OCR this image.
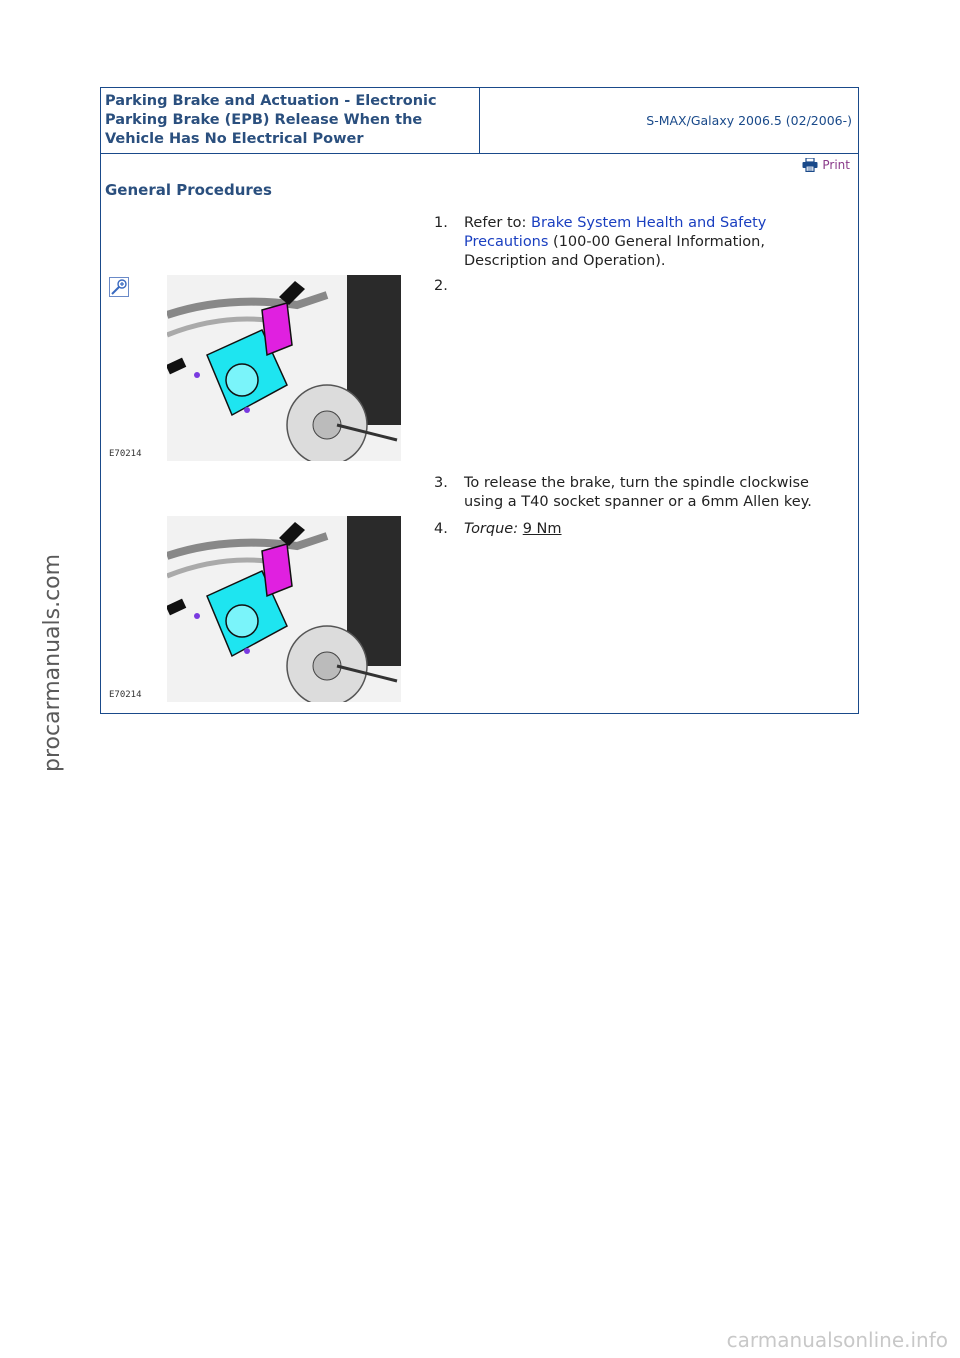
Parking Brake and Actuation - Electronic Parking Brake (EPB) Release When the Vehicle Has No Electrical Power

S-MAX/Galaxy 2006.5 (02/2006-)
Print
General Procedures
1. Refer to: Brake System Health and Safety Precautions (100-00 General Information, Description and Operation).
E70214
2.
3. To release the brake, turn the spindle clockwise using a T40 socket spanner or a 6mm Allen key.
4. Torque: 9 Nm
E70214
procarmanuals.com
carmanualsonline.info
